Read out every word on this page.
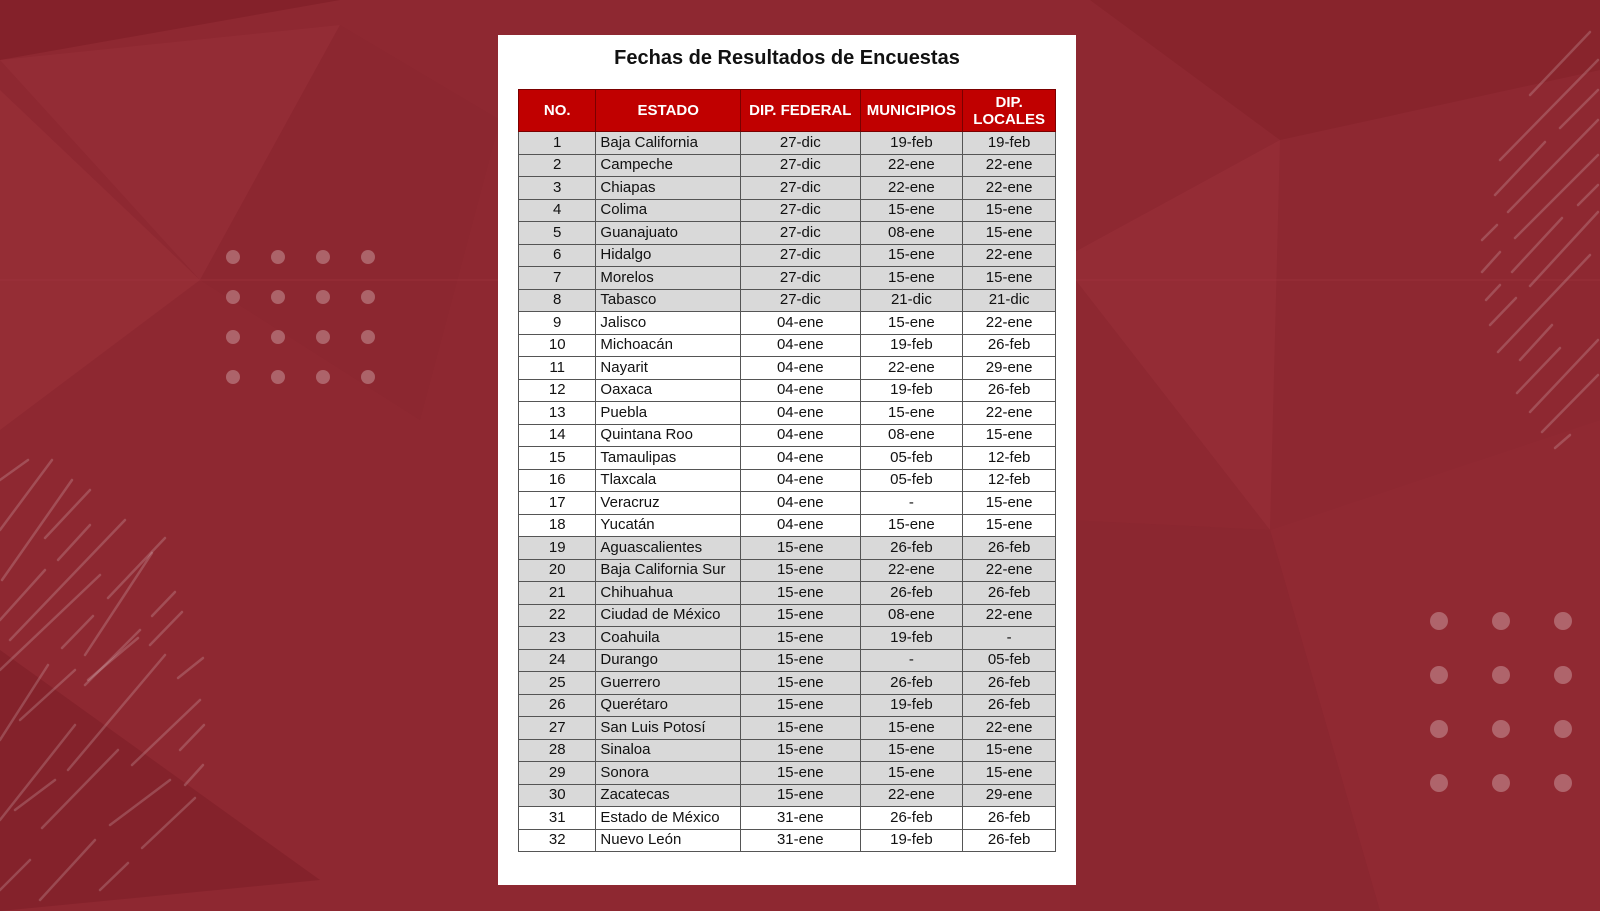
Fechas de Resultados de Encuestas
NO.	ESTADO	DIP. FEDERAL	MUNICIPIOS	DIP.
LOCALES
1	Baja California	27-dic	19-feb	19-feb
2	Campeche	27-dic	22-ene	22-ene
3	Chiapas	27-dic	22-ene	22-ene
4	Colima	27-dic	15-ene	15-ene
5	Guanajuato	27-dic	08-ene	15-ene
6	Hidalgo	27-dic	15-ene	22-ene
7	Morelos	27-dic	15-ene	15-ene
8	Tabasco	27-dic	21-dic	21-dic
9	Jalisco	04-ene	15-ene	22-ene
10	Michoacán	04-ene	19-feb	26-feb
11	Nayarit	04-ene	22-ene	29-ene
12	Oaxaca	04-ene	19-feb	26-feb
13	Puebla	04-ene	15-ene	22-ene
14	Quintana Roo	04-ene	08-ene	15-ene
15	Tamaulipas	04-ene	05-feb	12-feb
16	Tlaxcala	04-ene	05-feb	12-feb
17	Veracruz	04-ene	-	15-ene
18	Yucatán	04-ene	15-ene	15-ene
19	Aguascalientes	15-ene	26-feb	26-feb
20	Baja California Sur	15-ene	22-ene	22-ene
21	Chihuahua	15-ene	26-feb	26-feb
22	Ciudad de México	15-ene	08-ene	22-ene
23	Coahuila	15-ene	19-feb	-
24	Durango	15-ene	-	05-feb
25	Guerrero	15-ene	26-feb	26-feb
26	Querétaro	15-ene	19-feb	26-feb
27	San Luis Potosí	15-ene	15-ene	22-ene
28	Sinaloa	15-ene	15-ene	15-ene
29	Sonora	15-ene	15-ene	15-ene
30	Zacatecas	15-ene	22-ene	29-ene
31	Estado de México	31-ene	26-feb	26-feb
32	Nuevo León	31-ene	19-feb	26-feb
